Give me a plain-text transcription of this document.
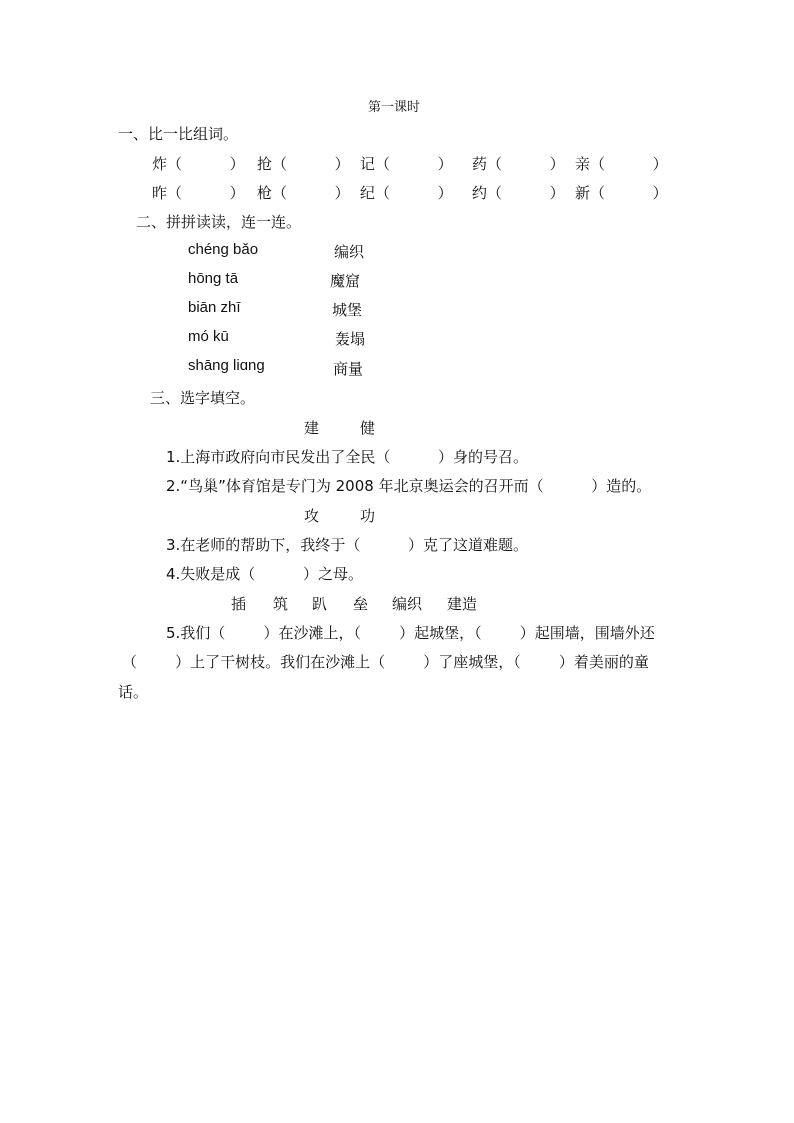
第一课时
一、比一比组词。
炸（          ） 抢（          ） 记（          ） 药（          ） 亲（          ）
昨（          ） 枪（          ） 纪（          ） 约（          ） 新（          ）
二、拼拼读读，连一连。
chéng bǎo
hōng tā
biān zhī
mó kū
shāng liɑng
编织
魔窟
城堡
轰塌
商量
三、选字填空。
建	健
1.上海市政府向市民发出了全民（          ）身的号召。
2.“鸟巢”体育馆是专门为 2008 年北京奥运会的召开而（          ）造的。
攻	功
3.在老师的帮助下，我终于（          ）克了这道难题。
4.失败是成（          ）之母。
插 筑 趴 垒 编织 建造
5.我们（        ）在沙滩上，（        ）起城堡，（        ）起围墙，围墙外还
（        ）上了干树枝。我们在沙滩上（        ）了座城堡，（        ）着美丽的童
话。
